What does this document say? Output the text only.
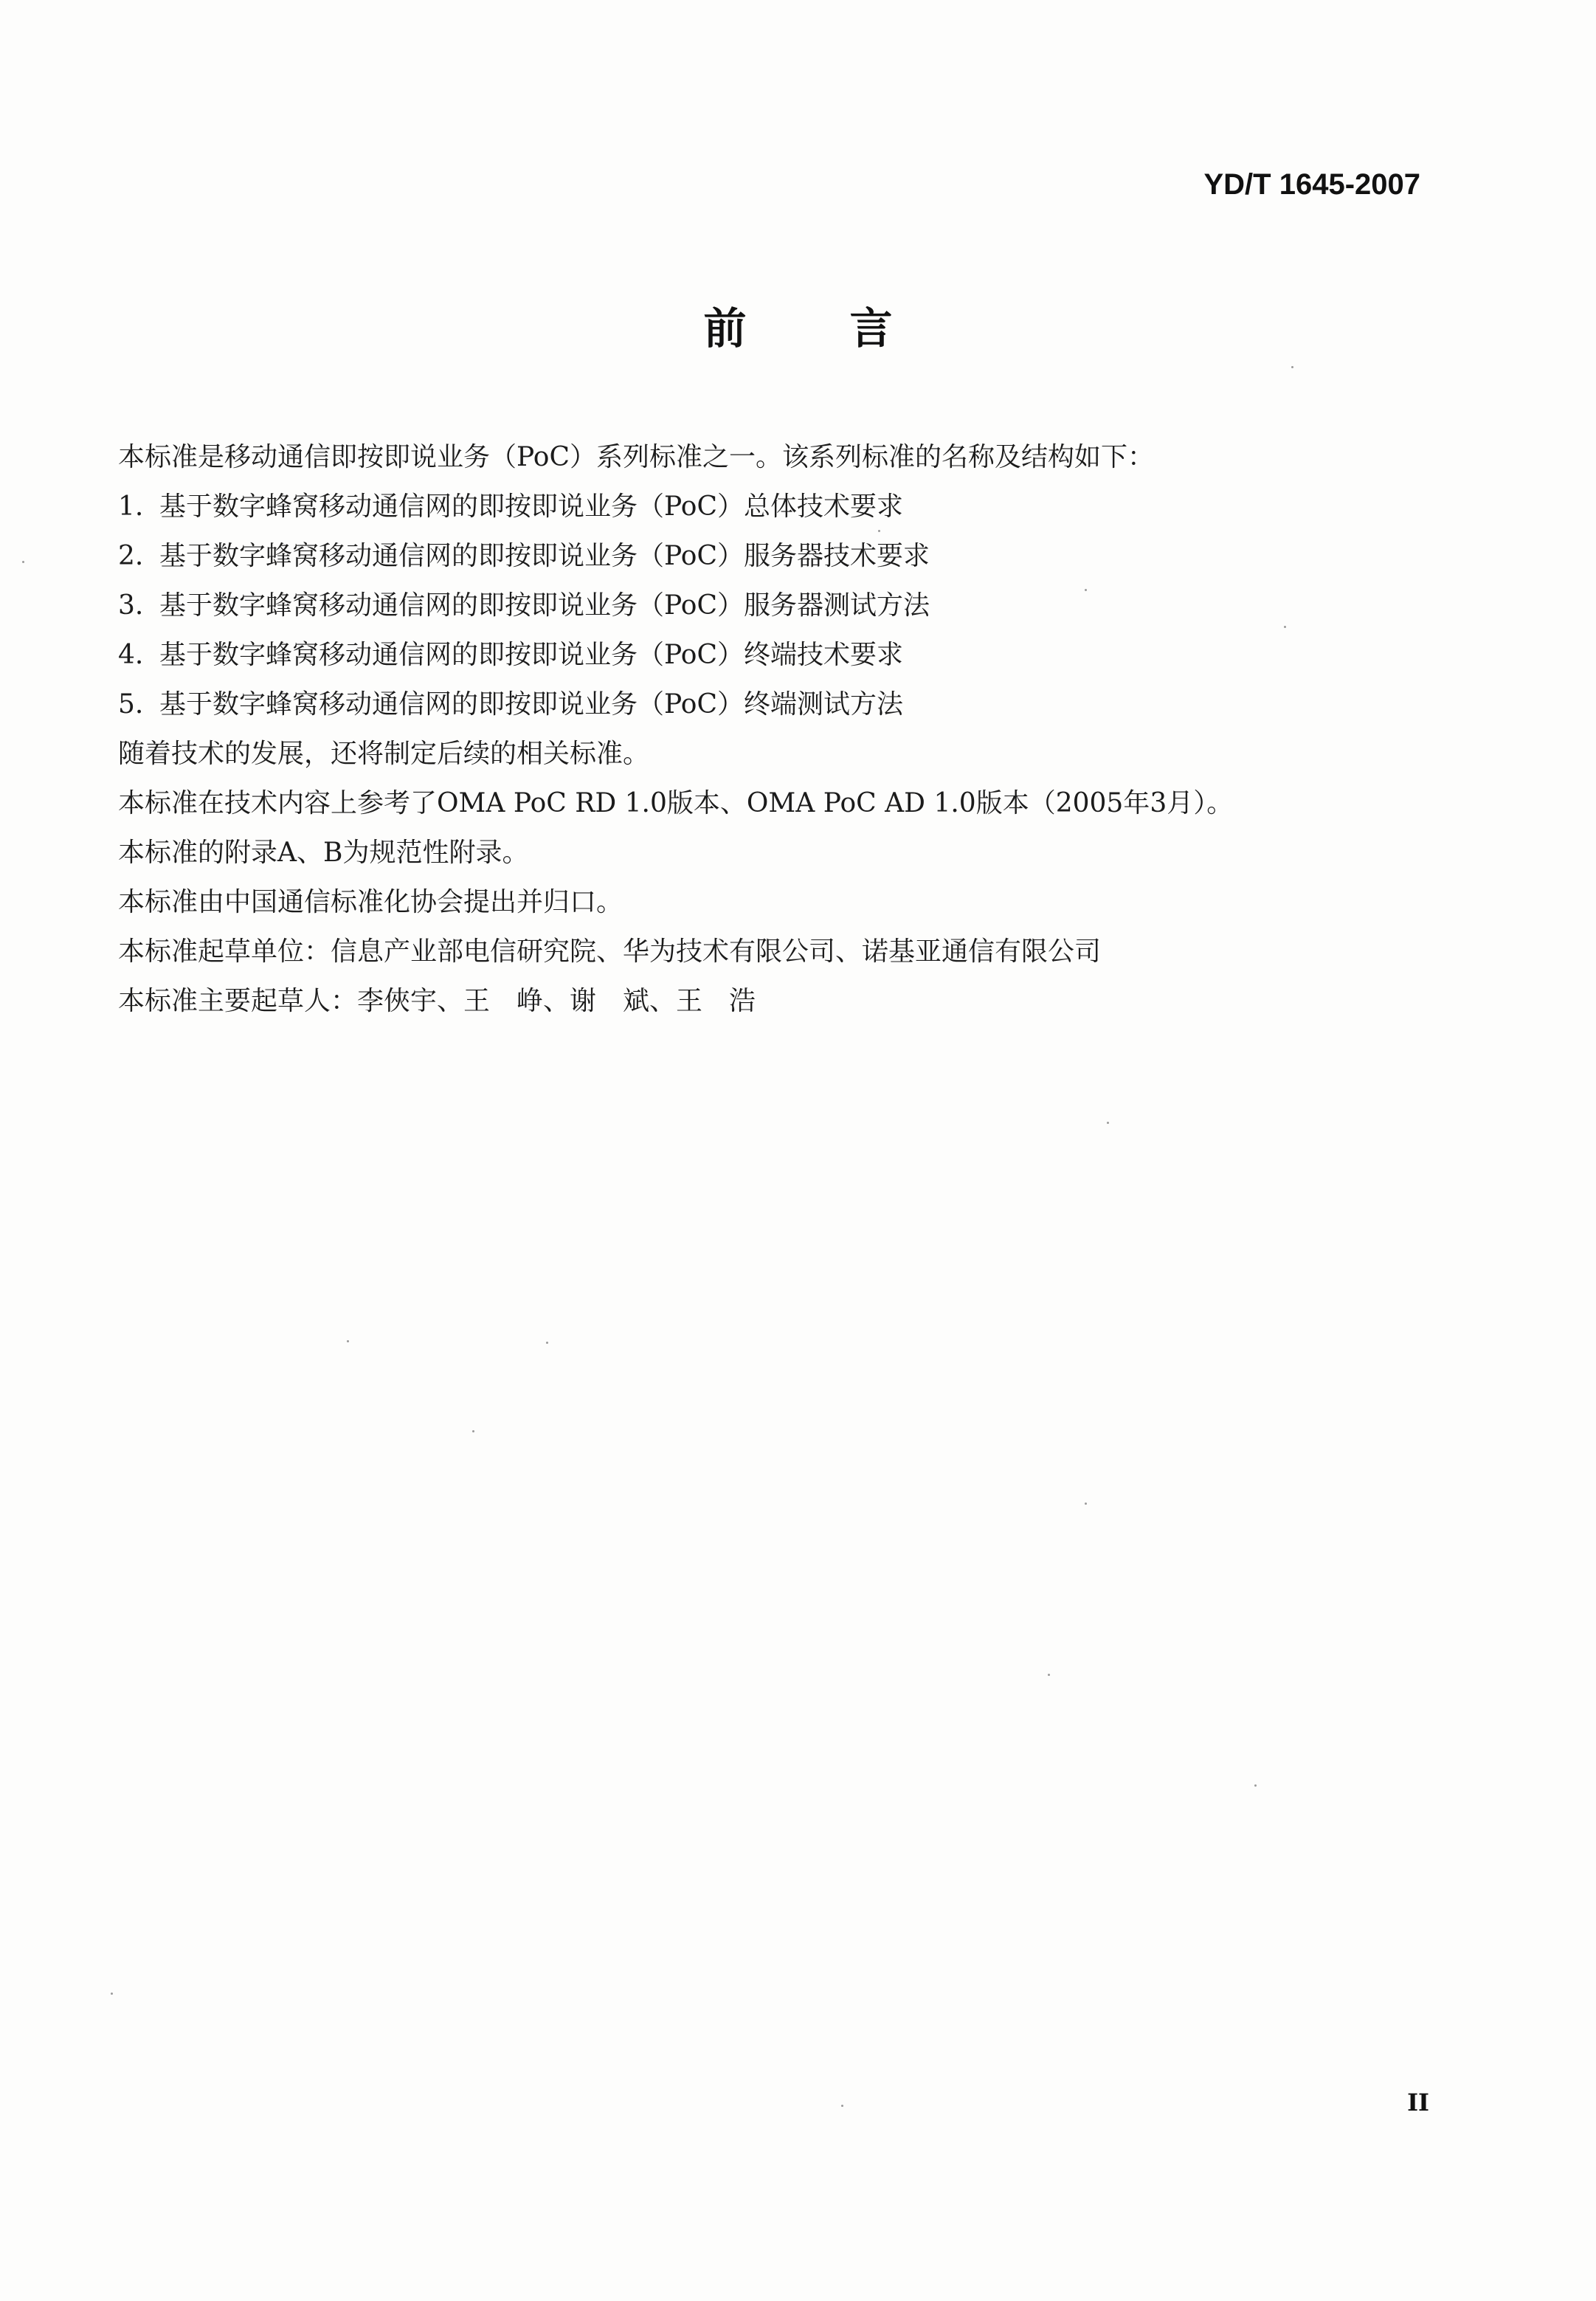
YD/T 1645-2007
前言
本标准是移动通信即按即说业务（PoC）系列标准之一。该系列标准的名称及结构如下：
1. 基于数字蜂窝移动通信网的即按即说业务（PoC）总体技术要求
2. 基于数字蜂窝移动通信网的即按即说业务（PoC）服务器技术要求
3. 基于数字蜂窝移动通信网的即按即说业务（PoC）服务器测试方法
4. 基于数字蜂窝移动通信网的即按即说业务（PoC）终端技术要求
5. 基于数字蜂窝移动通信网的即按即说业务（PoC）终端测试方法
随着技术的发展，还将制定后续的相关标准。
本标准在技术内容上参考了OMA PoC RD 1.0版本、OMA PoC AD 1.0版本（2005年3月）。
本标准的附录A、B为规范性附录。
本标准由中国通信标准化协会提出并归口。
本标准起草单位：信息产业部电信研究院、华为技术有限公司、诺基亚通信有限公司
本标准主要起草人：李俠宇、王　峥、谢　斌、王　浩
II
